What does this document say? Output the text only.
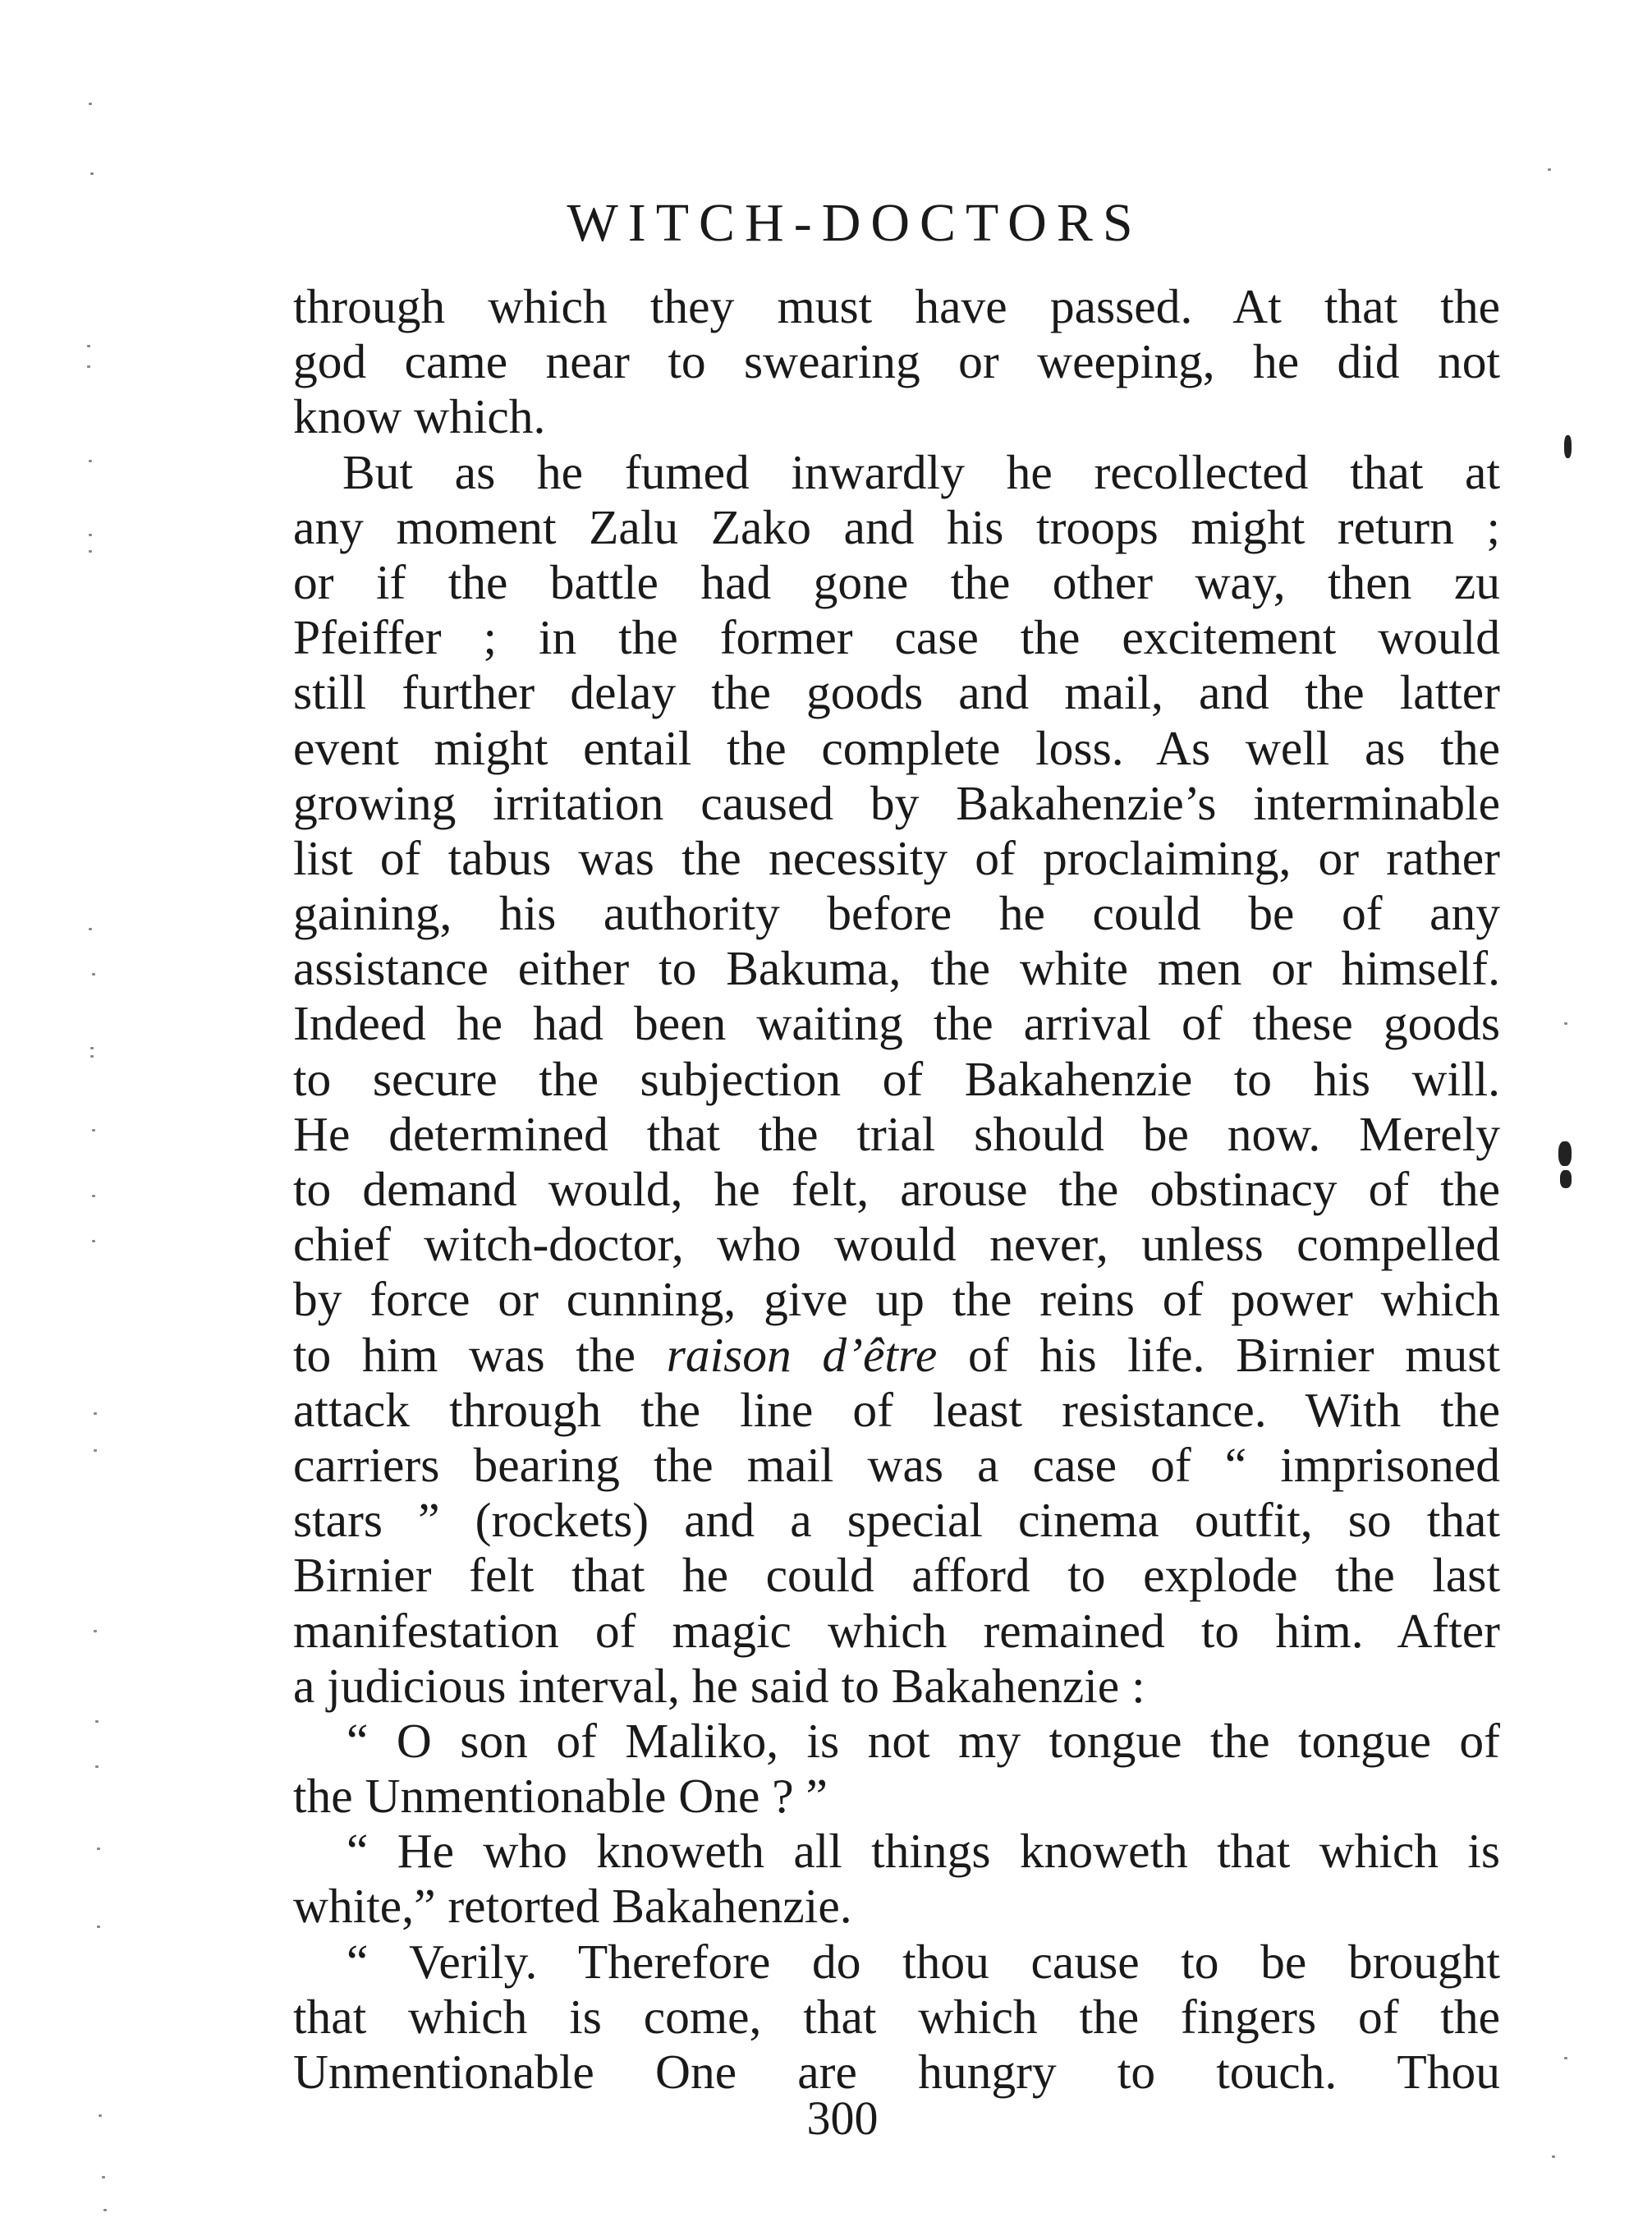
WITCH-DOCTORS
through which they must have passed. At that the
god came near to swearing or weeping, he did not
know which.
But as he fumed inwardly he recollected that at
any moment Zalu Zako and his troops might return ;
or if the battle had gone the other way, then zu
Pfeiffer ; in the former case the excitement would
still further delay the goods and mail, and the latter
event might entail the complete loss. As well as the
growing irritation caused by Bakahenzie’s interminable
list of tabus was the necessity of proclaiming, or rather
gaining, his authority before he could be of any
assistance either to Bakuma, the white men or himself.
Indeed he had been waiting the arrival of these goods
to secure the subjection of Bakahenzie to his will.
He determined that the trial should be now. Merely
to demand would, he felt, arouse the obstinacy of the
chief witch-doctor, who would never, unless compelled
by force or cunning, give up the reins of power which
to him was the raison d’être of his life. Birnier must
attack through the line of least resistance. With the
carriers bearing the mail was a case of “ imprisoned
stars ” (rockets) and a special cinema outfit, so that
Birnier felt that he could afford to explode the last
manifestation of magic which remained to him. After
a judicious interval, he said to Bakahenzie :
“ O son of Maliko, is not my tongue the tongue of
the Unmentionable One ? ”
“ He who knoweth all things knoweth that which is
white,” retorted Bakahenzie.
“ Verily. Therefore do thou cause to be brought
that which is come, that which the fingers of the
Unmentionable One are hungry to touch. Thou
300
